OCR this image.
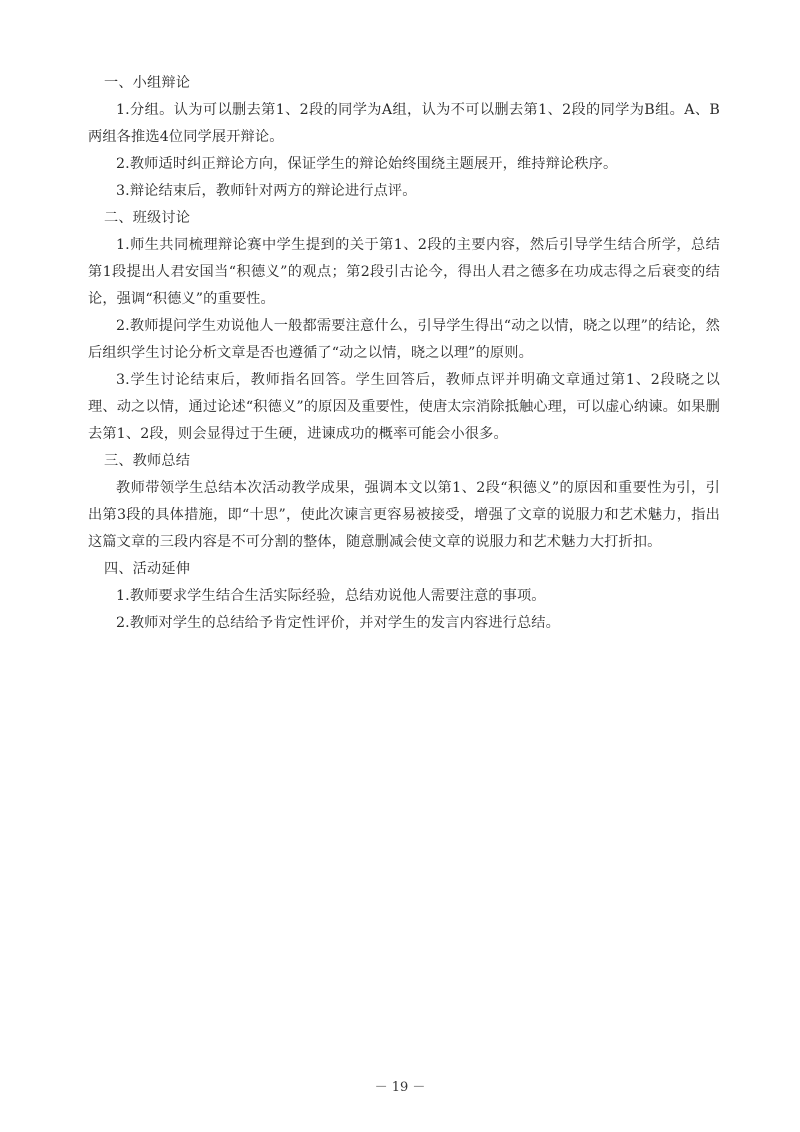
一、小组辩论

1.分组。认为可以删去第1、2段的同学为A组，认为不可以删去第1、2段的同学为B组。A、B两组各推选4位同学展开辩论。

2.教师适时纠正辩论方向，保证学生的辩论始终围绕主题展开，维持辩论秩序。

3.辩论结束后，教师针对两方的辩论进行点评。

二、班级讨论

1.师生共同梳理辩论赛中学生提到的关于第1、2段的主要内容，然后引导学生结合所学，总结第1段提出人君安国当“积德义”的观点；第2段引古论今，得出人君之德多在功成志得之后衰变的结论，强调“积德义”的重要性。

2.教师提问学生劝说他人一般都需要注意什么，引导学生得出“动之以情，晓之以理”的结论，然后组织学生讨论分析文章是否也遵循了“动之以情，晓之以理”的原则。

3.学生讨论结束后，教师指名回答。学生回答后，教师点评并明确文章通过第1、2段晓之以理、动之以情，通过论述“积德义”的原因及重要性，使唐太宗消除抵触心理，可以虚心纳谏。如果删去第1、2段，则会显得过于生硬，进谏成功的概率可能会小很多。

三、教师总结

教师带领学生总结本次活动教学成果，强调本文以第1、2段“积德义”的原因和重要性为引，引出第3段的具体措施，即“十思”，使此次谏言更容易被接受，增强了文章的说服力和艺术魅力，指出这篇文章的三段内容是不可分割的整体，随意删减会使文章的说服力和艺术魅力大打折扣。

四、活动延伸

1.教师要求学生结合生活实际经验，总结劝说他人需要注意的事项。

2.教师对学生的总结给予肯定性评价，并对学生的发言内容进行总结。

－ 19 －
